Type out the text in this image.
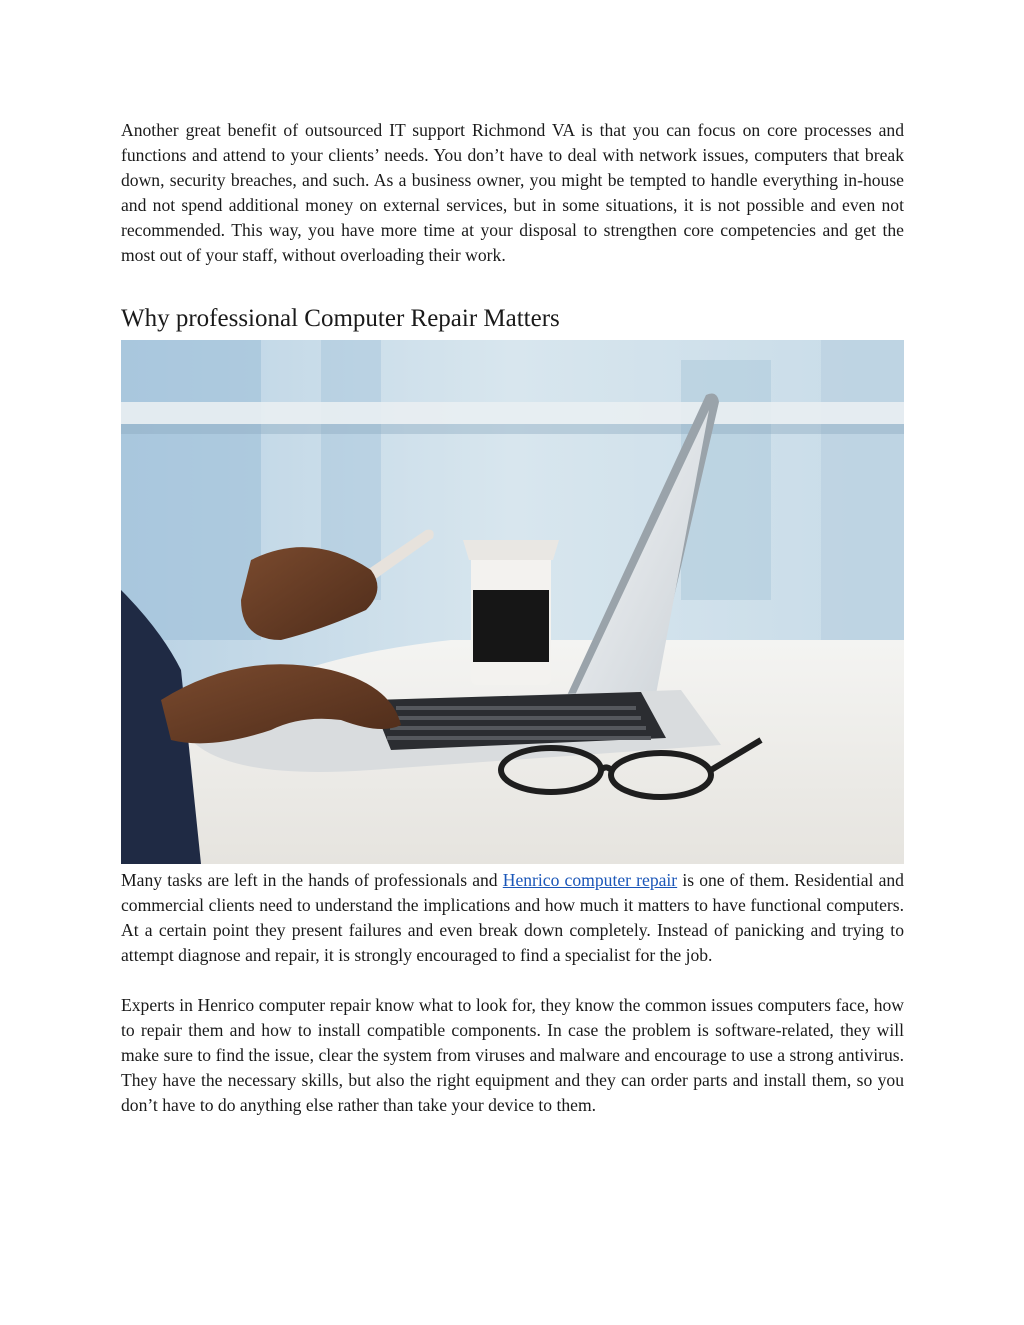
Another great benefit of outsourced IT support Richmond VA is that you can focus on core processes and functions and attend to your clients’ needs. You don’t have to deal with network issues, computers that break down, security breaches, and such. As a business owner, you might be tempted to handle everything in-house and not spend additional money on external services, but in some situations, it is not possible and even not recommended. This way, you have more time at your disposal to strengthen core competencies and get the most out of your staff, without overloading their work.

Why professional Computer Repair Matters

Many tasks are left in the hands of professionals and Henrico computer repair is one of them. Residential and commercial clients need to understand the implications and how much it matters to have functional computers. At a certain point they present failures and even break down completely. Instead of panicking and trying to attempt diagnose and repair, it is strongly encouraged to find a specialist for the job.

Experts in Henrico computer repair know what to look for, they know the common issues computers face, how to repair them and how to install compatible components. In case the problem is software-related, they will make sure to find the issue, clear the system from viruses and malware and encourage to use a strong antivirus. They have the necessary skills, but also the right equipment and they can order parts and install them, so you don’t have to do anything else rather than take your device to them.
